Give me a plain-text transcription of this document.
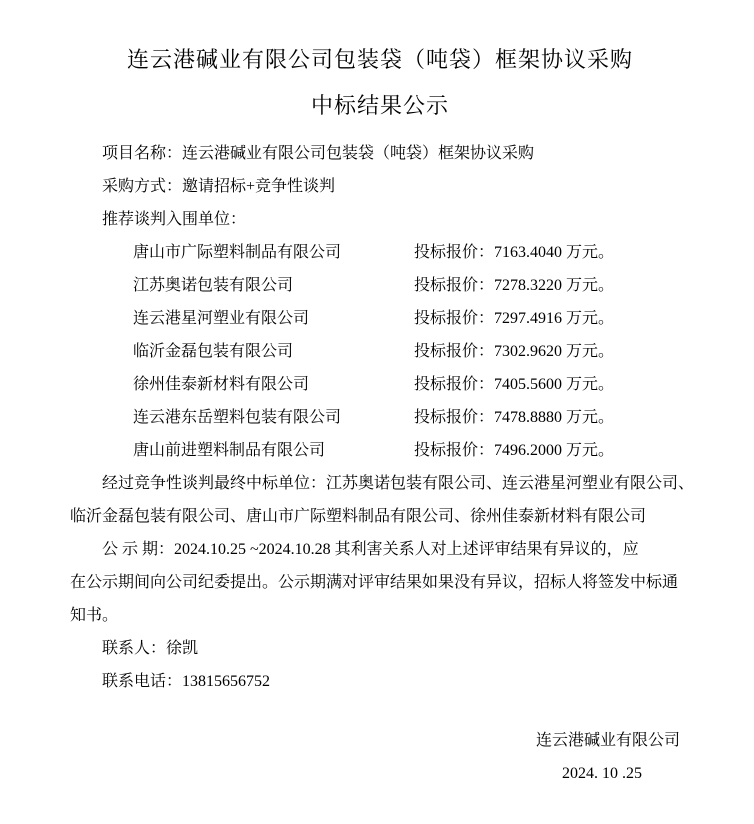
连云港碱业有限公司包装袋（吨袋）框架协议采购
中标结果公示

项目名称：连云港碱业有限公司包装袋（吨袋）框架协议采购

采购方式：邀请招标+竞争性谈判

推荐谈判入围单位：

唐山市广际塑料制品有限公司	投标报价：7163.4040 万元。
江苏奥诺包装有限公司	投标报价：7278.3220 万元。
连云港星河塑业有限公司	投标报价：7297.4916 万元。
临沂金磊包装有限公司	投标报价：7302.9620 万元。
徐州佳泰新材料有限公司	投标报价：7405.5600 万元。
连云港东岳塑料包装有限公司	投标报价：7478.8880 万元。
唐山前进塑料制品有限公司	投标报价：7496.2000 万元。
经过竞争性谈判最终中标单位：江苏奥诺包装有限公司、连云港星河塑业有限公司、
临沂金磊包装有限公司、唐山市广际塑料制品有限公司、徐州佳泰新材料有限公司
公 示 期：2024.10.25 ~2024.10.28 其利害关系人对上述评审结果有异议的，应
在公示期间向公司纪委提出。公示期满对评审结果如果没有异议，招标人将签发中标通
知书。

联系人：徐凯

联系电话：13815656752

连云港碱业有限公司
2024. 10 .25
